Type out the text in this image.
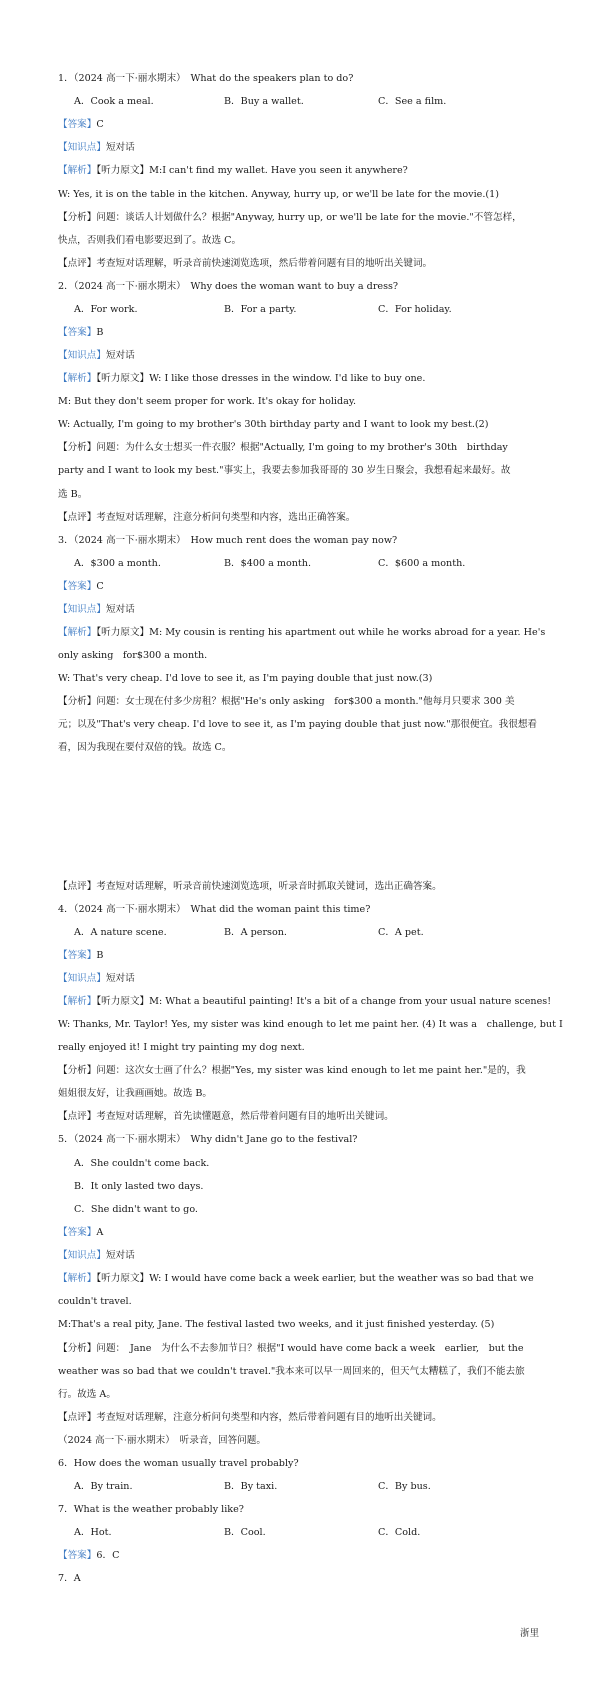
1．（2024 高一下·丽水期末）　What do the speakers plan to do?
A．Cook a meal.	B．Buy a wallet.	C．See a film.
【答案】C
【知识点】短对话
【解析】【听力原文】M:I can't find my wallet. Have you seen it anywhere?
W: Yes, it is on the table in the kitchen. Anyway, hurry up, or we'll be late for the movie.(1)
【分析】问题：谈话人计划做什么？根据"Anyway, hurry up, or we'll be late for the movie."不管怎样，
快点，否则我们看电影要迟到了。故选 C。
【点评】考查短对话理解，听录音前快速浏览选项，然后带着问题有目的地听出关键词。
2．（2024 高一下·丽水期末）　Why does the woman want to buy a dress?
A．For work.	B．For a party.	C．For holiday.
【答案】B
【知识点】短对话
【解析】【听力原文】W: I like those dresses in the window. I'd like to buy one.
M: But they don't seem proper for work. It's okay for holiday.
W: Actually, I'm going to my brother's 30th birthday party and I want to look my best.(2)
【分析】问题：为什么女士想买一件衣服？根据"Actually, I'm going to my brother's 30th　birthday
party and I want to look my best."事实上，我要去参加我哥哥的 30 岁生日聚会，我想看起来最好。故
选 B。
【点评】考查短对话理解，注意分析问句类型和内容，选出正确答案。
3．（2024 高一下·丽水期末）　How much rent does the woman pay now?
A．$300 a month.	B．$400 a month.	C．$600 a month.
【答案】C
【知识点】短对话
【解析】【听力原文】M: My cousin is renting his apartment out while he works abroad for a year. He's
only asking　for$300 a month.
W: That's very cheap. I'd love to see it, as I'm paying double that just now.(3)
【分析】问题：女士现在付多少房租？根据"He's only asking　for$300 a month."他每月只要求 300 美
元；以及"That's very cheap. I'd love to see it, as I'm paying double that just now."那很便宜。我很想看
看，因为我现在要付双倍的钱。故选 C。
【点评】考查短对话理解，听录音前快速浏览选项，听录音时抓取关键词，选出正确答案。
4．（2024 高一下·丽水期末）　What did the woman paint this time?
A．A nature scene.	B．A person.	C．A pet.
【答案】B
【知识点】短对话
【解析】【听力原文】M: What a beautiful painting! It's a bit of a change from your usual nature scenes!
W: Thanks, Mr. Taylor! Yes, my sister was kind enough to let me paint her. (4) It was a　challenge, but I
really enjoyed it! I might try painting my dog next.
【分析】问题：这次女士画了什么？根据"Yes, my sister was kind enough to let me paint her."是的，我
姐姐很友好，让我画画她。故选 B。
【点评】考查短对话理解，首先读懂题意，然后带着问题有目的地听出关键词。
5．（2024 高一下·丽水期末）　Why didn't Jane go to the festival?
A．She couldn't come back.
B．It only lasted two days.
C．She didn't want to go.
【答案】A
【知识点】短对话
【解析】【听力原文】W: I would have come back a week earlier, but the weather was so bad that we
couldn't travel.
M:That's a real pity, Jane. The festival lasted two weeks, and it just finished yesterday. (5)
【分析】问题：　Jane　为什么不去参加节日？根据"I would have come back a week　earlier,　but the
weather was so bad that we couldn't travel."我本来可以早一周回来的，但天气太糟糕了，我们不能去旅
行。故选 A。
【点评】考查短对话理解，注意分析问句类型和内容，然后带着问题有目的地听出关键词。
（2024 高一下·丽水期末）　听录音，回答问题。
6．How does the woman usually travel probably?
A．By train.	B．By taxi.	C．By bus.
7．What is the weather probably like?
A．Hot.	B．Cool.	C．Cold.
【答案】6．C
7．A
浙里
